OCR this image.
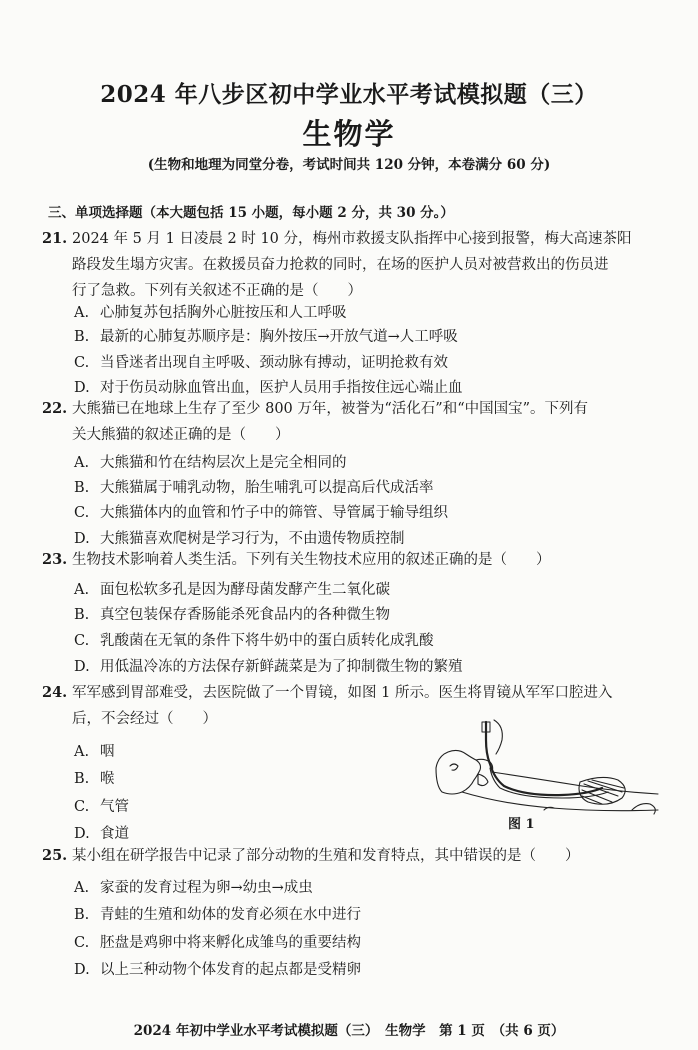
2024 年八步区初中学业水平考试模拟题（三）
生物学
(生物和地理为同堂分卷，考试时间共 120 分钟，本卷满分 60 分)
三、单项选择题（本大题包括 15 小题，每小题 2 分，共 30 分。）
21. 2024 年 5 月 1 日凌晨 2 时 10 分，梅州市救援支队指挥中心接到报警，梅大高速茶阳
路段发生塌方灾害。在救援员奋力抢救的同时，在场的医护人员对被营救出的伤员进
行了急救。下列有关叙述不正确的是（　　）
A. 心肺复苏包括胸外心脏按压和人工呼吸
B. 最新的心肺复苏顺序是：胸外按压→开放气道→人工呼吸
C. 当昏迷者出现自主呼吸、颈动脉有搏动，证明抢救有效
D. 对于伤员动脉血管出血，医护人员用手指按住远心端止血
22. 大熊猫已在地球上生存了至少 800 万年，被誉为“活化石”和“中国国宝”。下列有
关大熊猫的叙述正确的是（　　）
A. 大熊猫和竹在结构层次上是完全相同的
B. 大熊猫属于哺乳动物，胎生哺乳可以提高后代成活率
C. 大熊猫体内的血管和竹子中的筛管、导管属于输导组织
D. 大熊猫喜欢爬树是学习行为，不由遗传物质控制
23. 生物技术影响着人类生活。下列有关生物技术应用的叙述正确的是（　　）
A. 面包松软多孔是因为酵母菌发酵产生二氧化碳
B. 真空包装保存香肠能杀死食品内的各种微生物
C. 乳酸菌在无氧的条件下将牛奶中的蛋白质转化成乳酸
D. 用低温冷冻的方法保存新鲜蔬菜是为了抑制微生物的繁殖
24. 军军感到胃部难受，去医院做了一个胃镜，如图 1 所示。医生将胃镜从军军口腔进入
后，不会经过（　　）
A. 咽
B. 喉
C. 气管
D. 食道
图 1
25. 某小组在研学报告中记录了部分动物的生殖和发育特点，其中错误的是（　　）
A. 家蚕的发育过程为卵→幼虫→成虫
B. 青蛙的生殖和幼体的发育必须在水中进行
C. 胚盘是鸡卵中将来孵化成雏鸟的重要结构
D. 以上三种动物个体发育的起点都是受精卵
2024 年初中学业水平考试模拟题（三）　生物学　第 1 页　（共 6 页）
